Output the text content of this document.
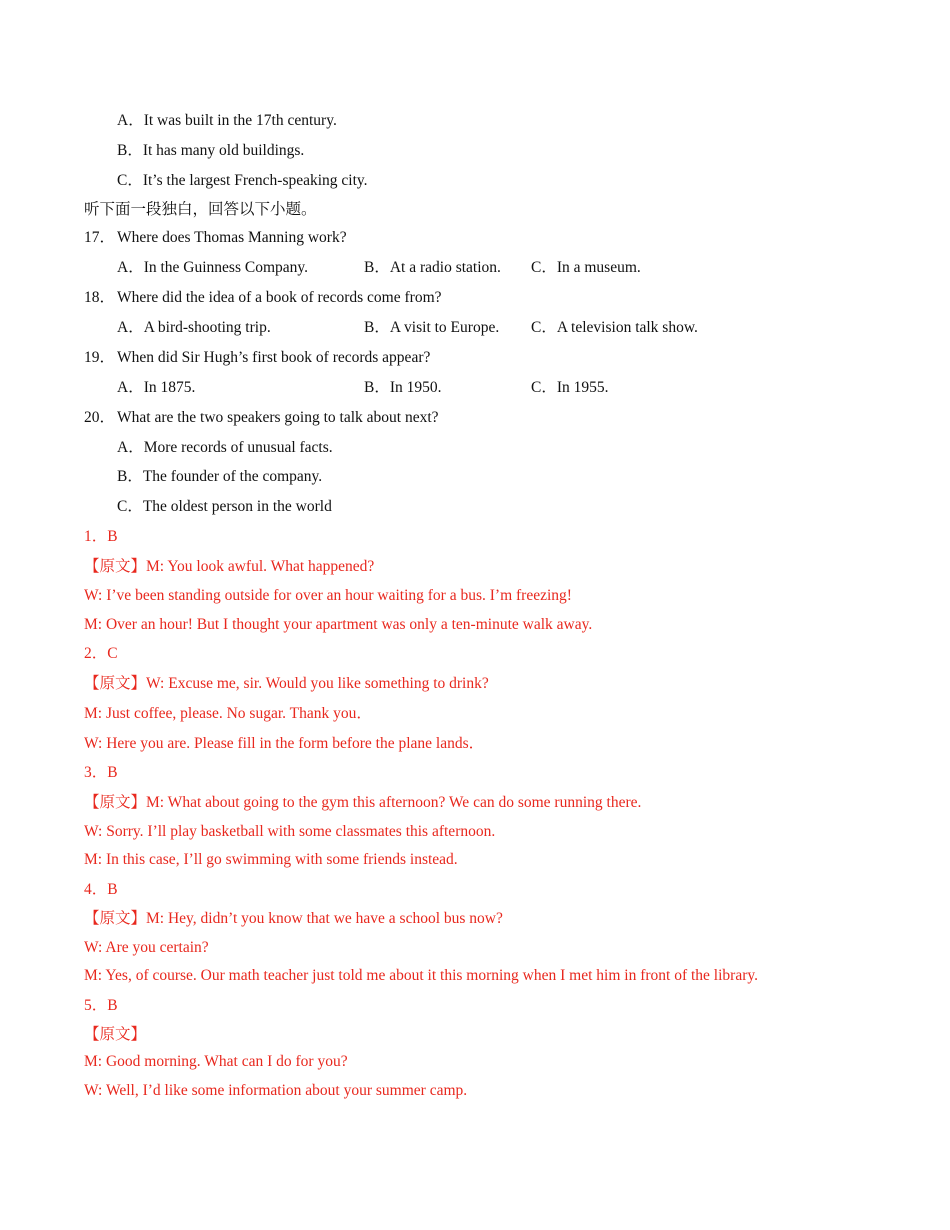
A．It was built in the 17th century.
B．It has many old buildings.
C．It’s the largest French-speaking city.
听下面一段独白，回答以下小题。
17． Where does Thomas Manning work?
A．In the Guinness Company.	B．At a radio station. C．In a museum.
18． Where did the idea of a book of records come from?
A．A bird-shooting trip.	B．A visit to Europe. C．A television talk show.
19． When did Sir Hugh’s first book of records appear?
A．In 1875.	B．In 1950.	C．In 1955.
20． What are the two speakers going to talk about next?
A．More records of unusual facts.
B．The founder of the company.
C．The oldest person in the world
1．B
【原文】M: You look awful. What happened?
W: I’ve been standing outside for over an hour waiting for a bus. I’m freezing!
M: Over an hour! But I thought your apartment was only a ten-minute walk away.
2．C
【原文】W: Excuse me, sir. Would you like something to drink?
M: Just coffee, please. No sugar. Thank you．
W: Here you are. Please fill in the form before the plane lands．
3．B
【原文】M: What about going to the gym this afternoon? We can do some running there.
W: Sorry. I’ll play basketball with some classmates this afternoon.
M: In this case, I’ll go swimming with some friends instead.
4．B
【原文】M: Hey, didn’t you know that we have a school bus now?
W: Are you certain?
M: Yes, of course. Our math teacher just told me about it this morning when I met him in front of the library.
5．B
【原文】
M: Good morning. What can I do for you?
W: Well, I’d like some information about your summer camp.
